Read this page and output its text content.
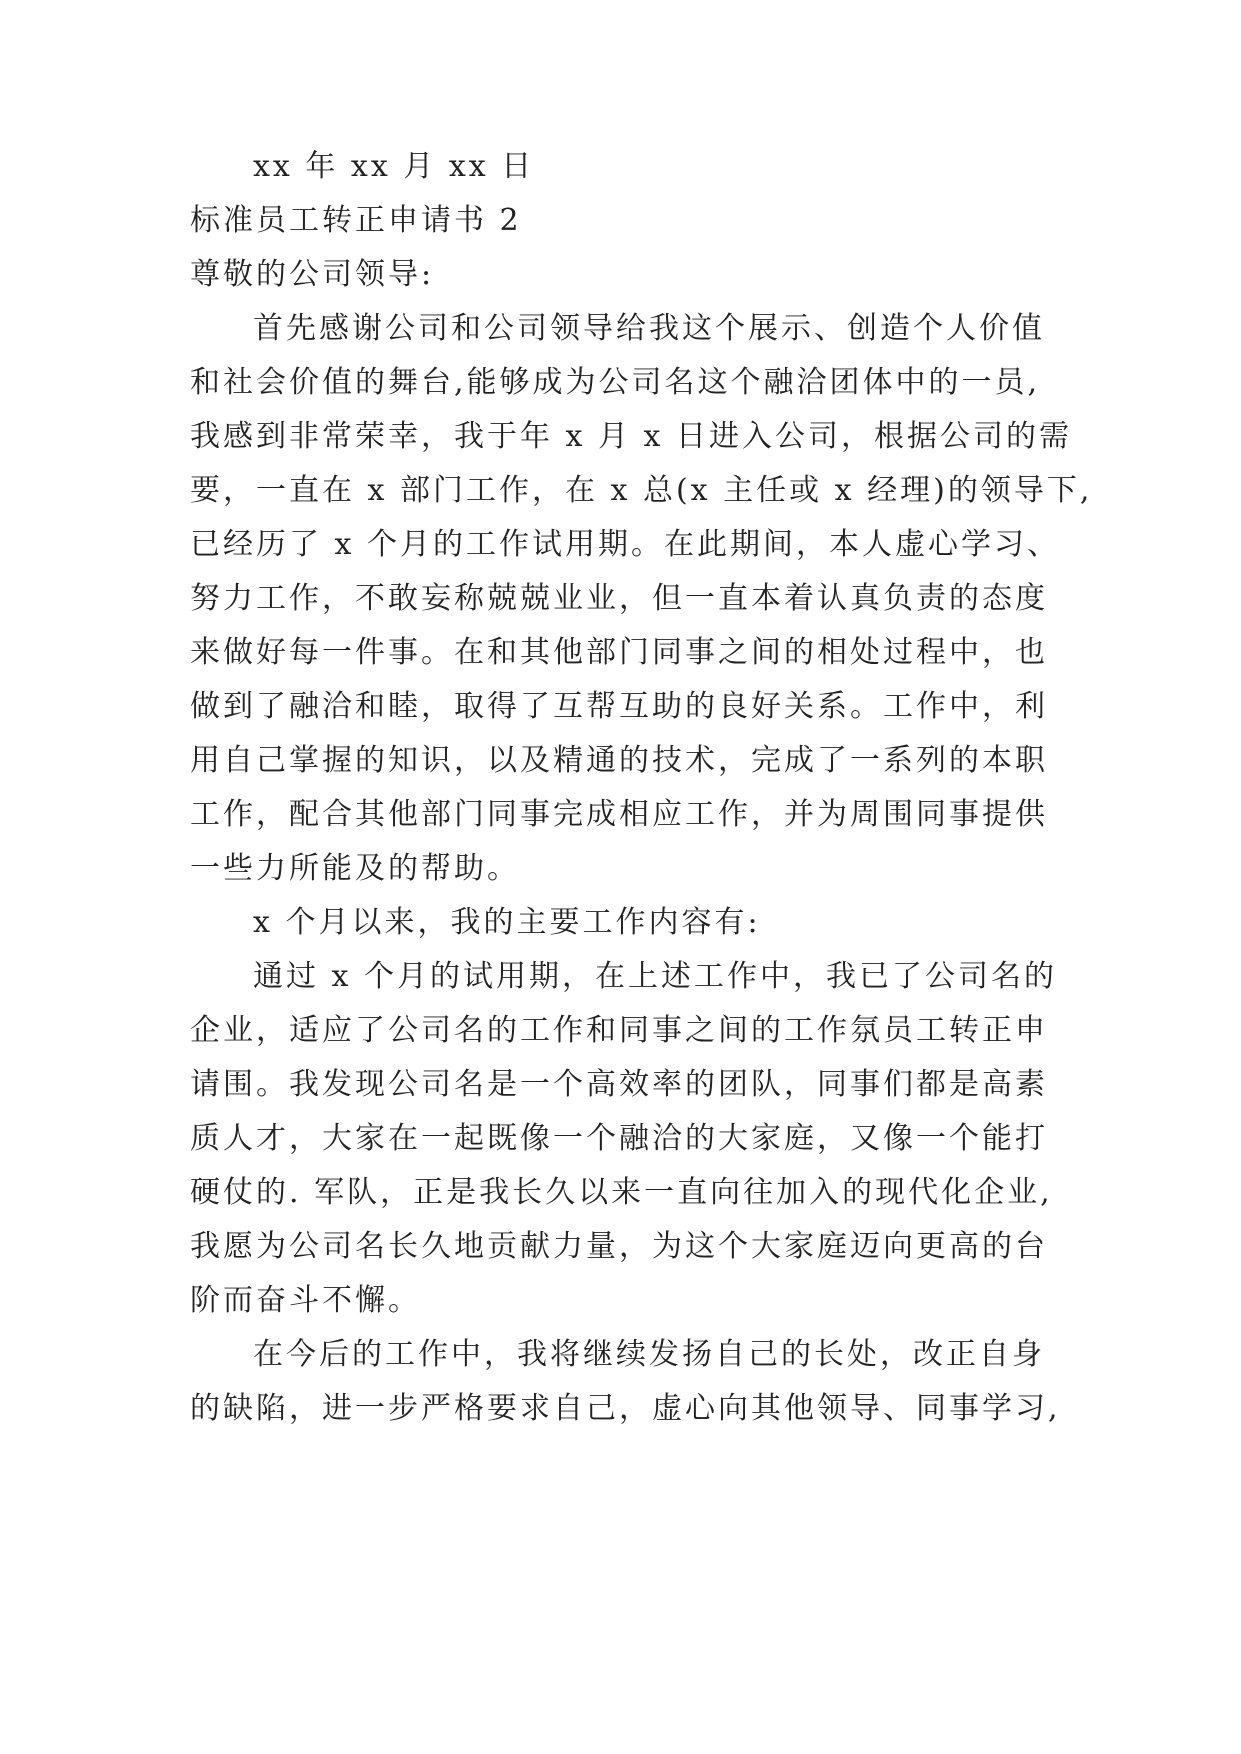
xx 年 xx 月 xx 日
标准员工转正申请书 2
尊敬的公司领导:
首先感谢公司和公司领导给我这个展示、创造个人价值
和社会价值的舞台,能够成为公司名这个融洽团体中的一员,
我感到非常荣幸，我于年 x 月 x 日进入公司，根据公司的需
要，一直在 x 部门工作，在 x 总(x 主任或 x 经理)的领导下,
已经历了 x 个月的工作试用期。在此期间，本人虚心学习、
努力工作，不敢妄称兢兢业业，但一直本着认真负责的态度
来做好每一件事。在和其他部门同事之间的相处过程中，也
做到了融洽和睦，取得了互帮互助的良好关系。工作中，利
用自己掌握的知识，以及精通的技术，完成了一系列的本职
工作，配合其他部门同事完成相应工作，并为周围同事提供
一些力所能及的帮助。
x 个月以来，我的主要工作内容有:
通过 x 个月的试用期，在上述工作中，我已了公司名的
企业，适应了公司名的工作和同事之间的工作氛员工转正申
请围。我发现公司名是一个高效率的团队，同事们都是高素
质人才，大家在一起既像一个融洽的大家庭，又像一个能打
硬仗的. 军队，正是我长久以来一直向往加入的现代化企业,
我愿为公司名长久地贡献力量，为这个大家庭迈向更高的台
阶而奋斗不懈。
在今后的工作中，我将继续发扬自己的长处，改正自身
的缺陷，进一步严格要求自己，虚心向其他领导、同事学习,
